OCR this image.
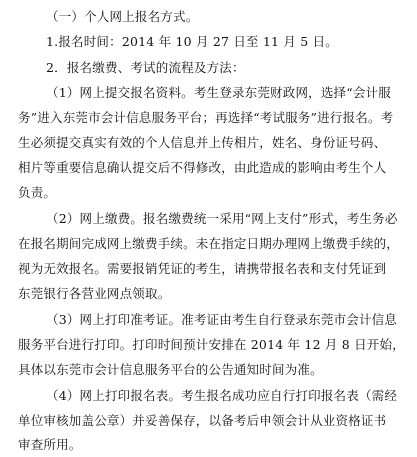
（一）个人网上报名方式。
1.报名时间：2014 年 10 月 27 日至 11 月 5 日。
2．报名缴费、考试的流程及方法：
（1）网上提交报名资料。考生登录东莞财政网，选择“会计服
务”进入东莞市会计信息服务平台；再选择“考试服务”进行报名。考
生必须提交真实有效的个人信息并上传相片，姓名、身份证号码、
相片等重要信息确认提交后不得修改，由此造成的影响由考生个人
负责。
（2）网上缴费。报名缴费统一采用“网上支付”形式，考生务必
在报名期间完成网上缴费手续。未在指定日期办理网上缴费手续的，
视为无效报名。需要报销凭证的考生，请携带报名表和支付凭证到
东莞银行各营业网点领取。
（3）网上打印准考证。准考证由考生自行登录东莞市会计信息
服务平台进行打印。打印时间预计安排在 2014 年 12 月 8 日开始，
具体以东莞市会计信息服务平台的公告通知时间为准。
（4）网上打印报名表。考生报名成功应自行打印报名表（需经
单位审核加盖公章）并妥善保存，以备考后申领会计从业资格证书
审查所用。
